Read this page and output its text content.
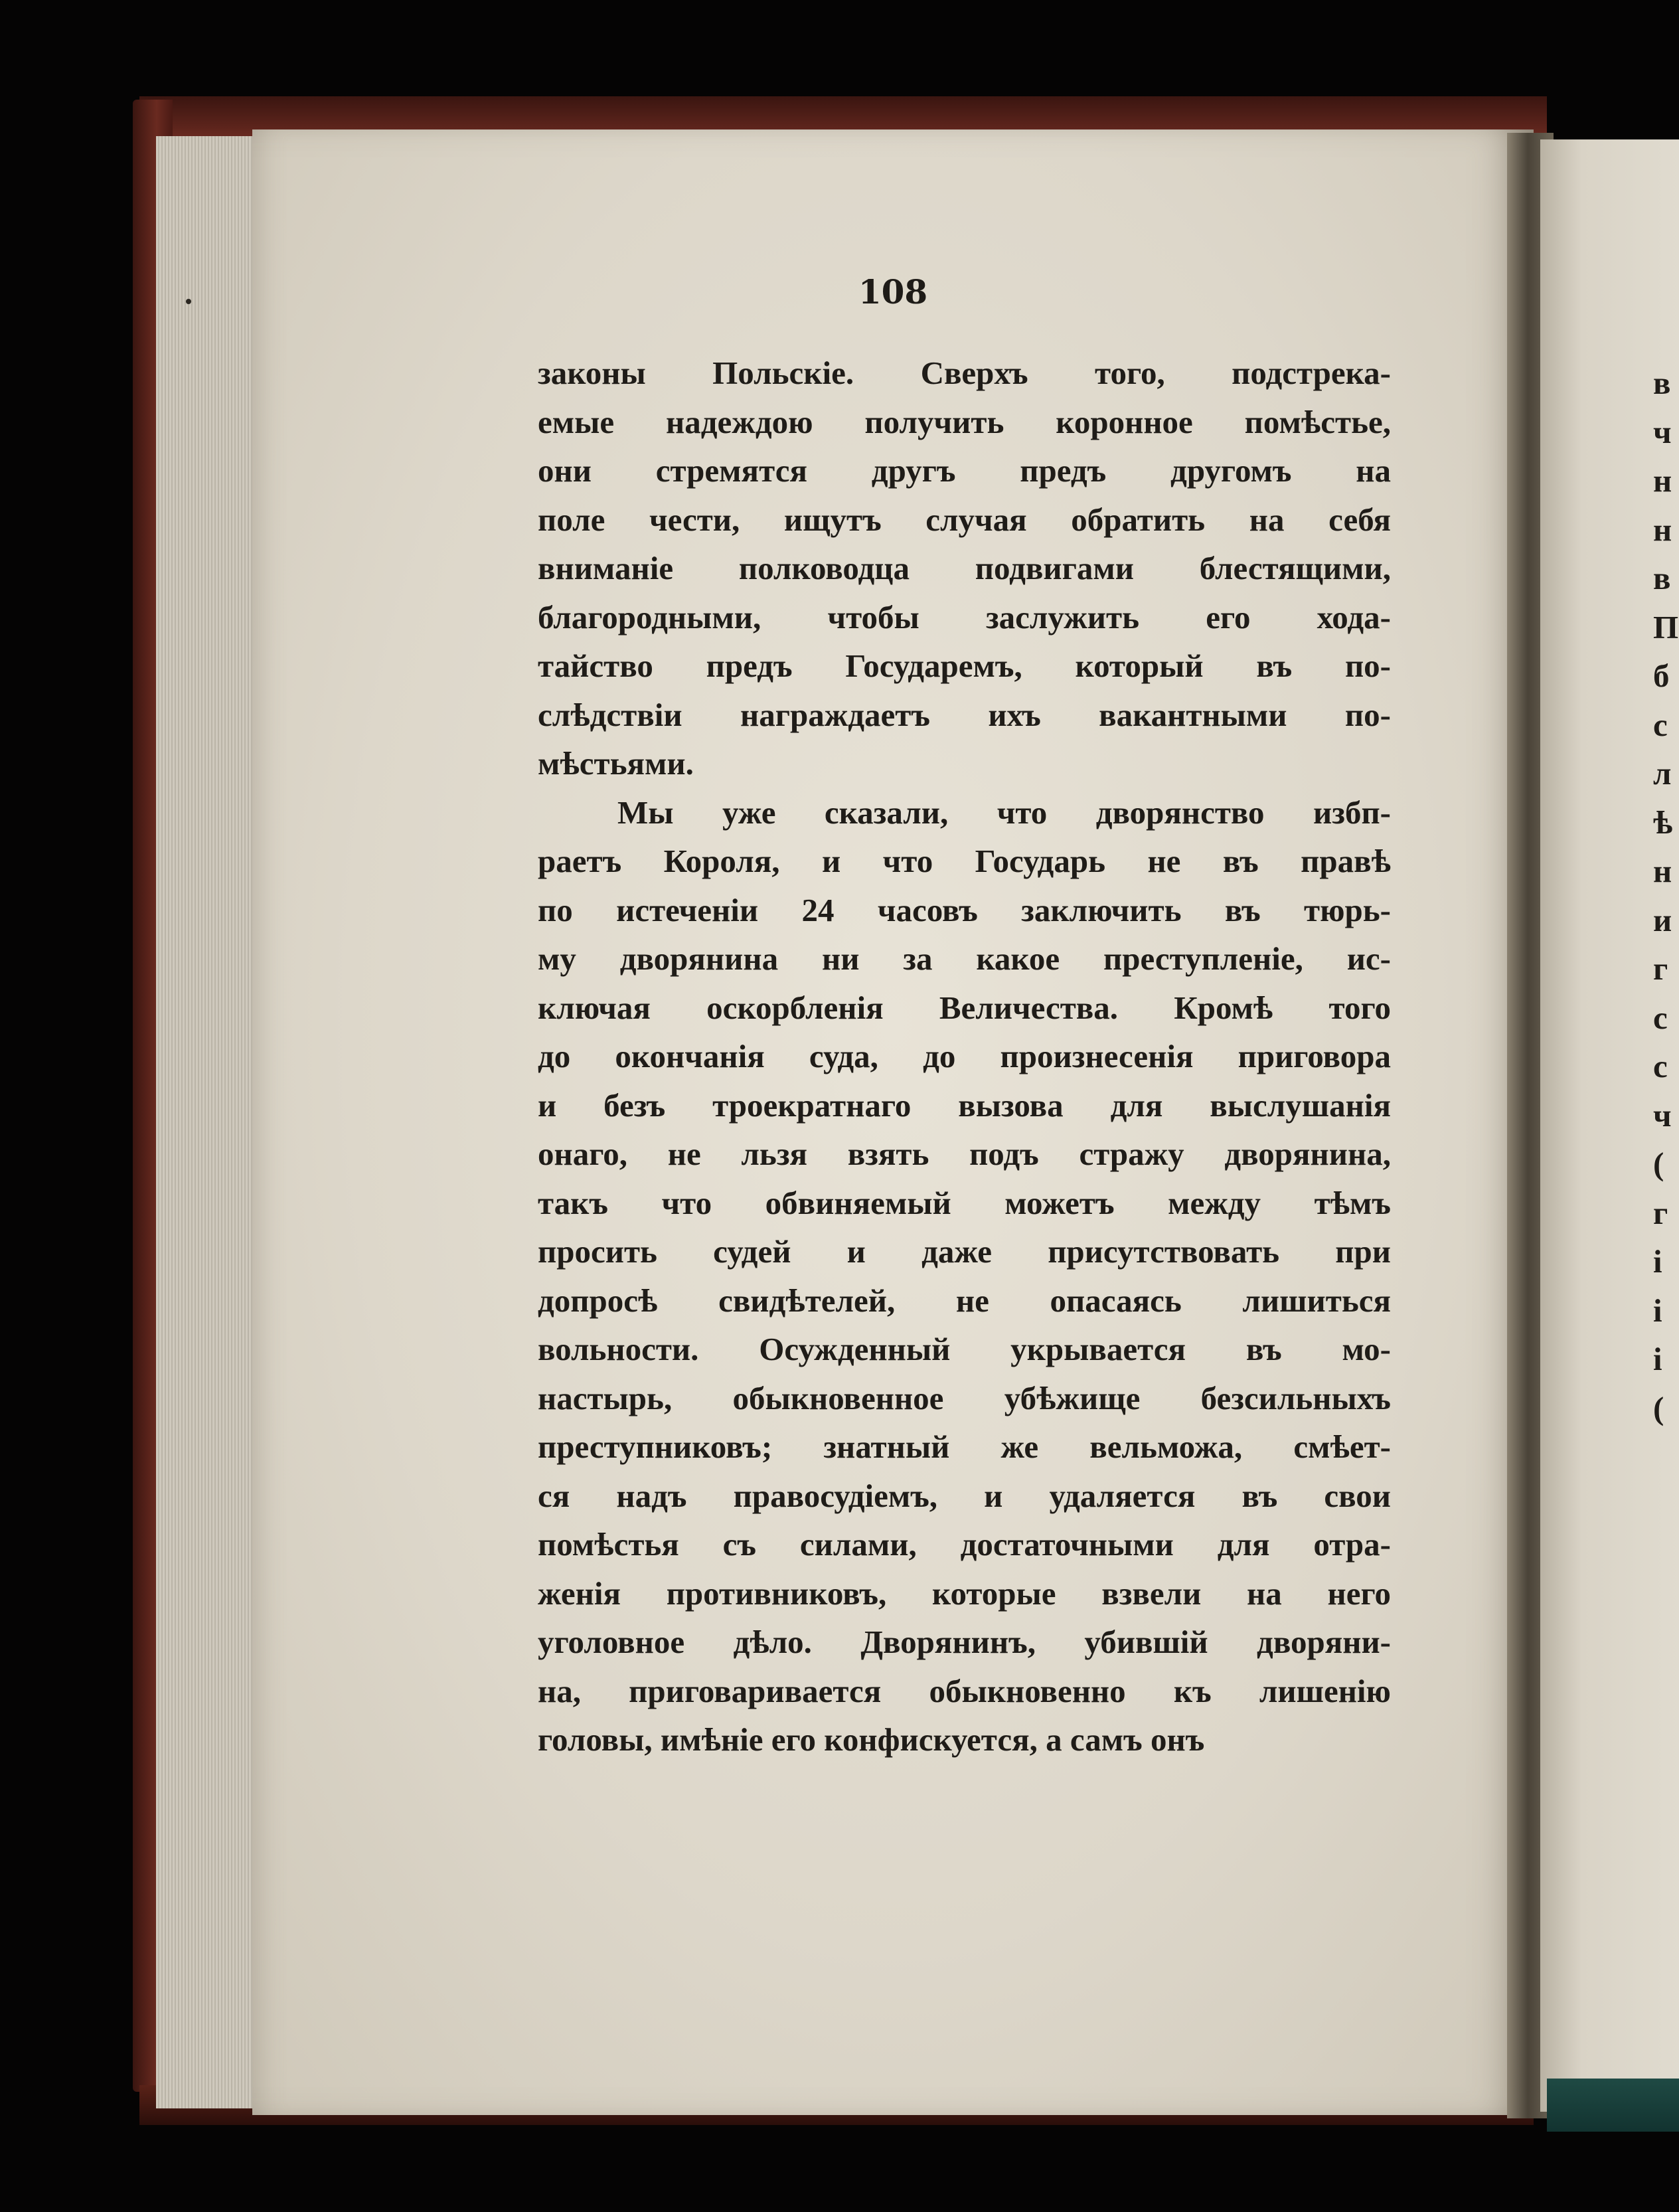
108

законы Польскіе. Сверхъ того, подстрека-

емые надеждою получить коронное помѣстье,

они стремятся другъ предъ другомъ на

поле чести, ищутъ случая обратить на себя

вниманіе полководца подвигами блестящими,

благородными, чтобы заслужить его хода-

тайство предъ Государемъ, который въ по-

слѣдствіи награждаетъ ихъ вакантными по-

мѣстьями.

Мы уже сказали, что дворянство избп-

раетъ Короля, и что Государь не въ правѣ

по истеченіи 24 часовъ заключить въ тюрь-

му дворянина ни за какое преступленіе, ис-

ключая оскорбленія Величества. Кромѣ того

до окончанія суда, до произнесенія приговора

и безъ троекратнаго вызова для выслушанія

онаго, не льзя взять подъ стражу дворянина,

такъ что обвиняемый можетъ между тѣмъ

просить судей и даже присутствовать при

допросѣ свидѣтелей, не опасаясь лишиться

вольности. Осужденный укрывается въ мо-

настырь, обыкновенное убѣжище безсильныхъ

преступниковъ; знатный же вельможа, смѣет-

ся надъ правосудіемъ, и удаляется въ свои

помѣстья съ силами, достаточными для отра-

женія противниковъ, которые взвели на него

уголовное дѣло. Дворянинъ, убившій дворяни-

на, приговаривается обыкновенно къ лишенію

головы, имѣніе его конфискуется, а самъ онъ

в
ч
н
н
в
П
б
с
л
ѣ
н
и
г
с
с
ч
(
г
і
і
і
(
